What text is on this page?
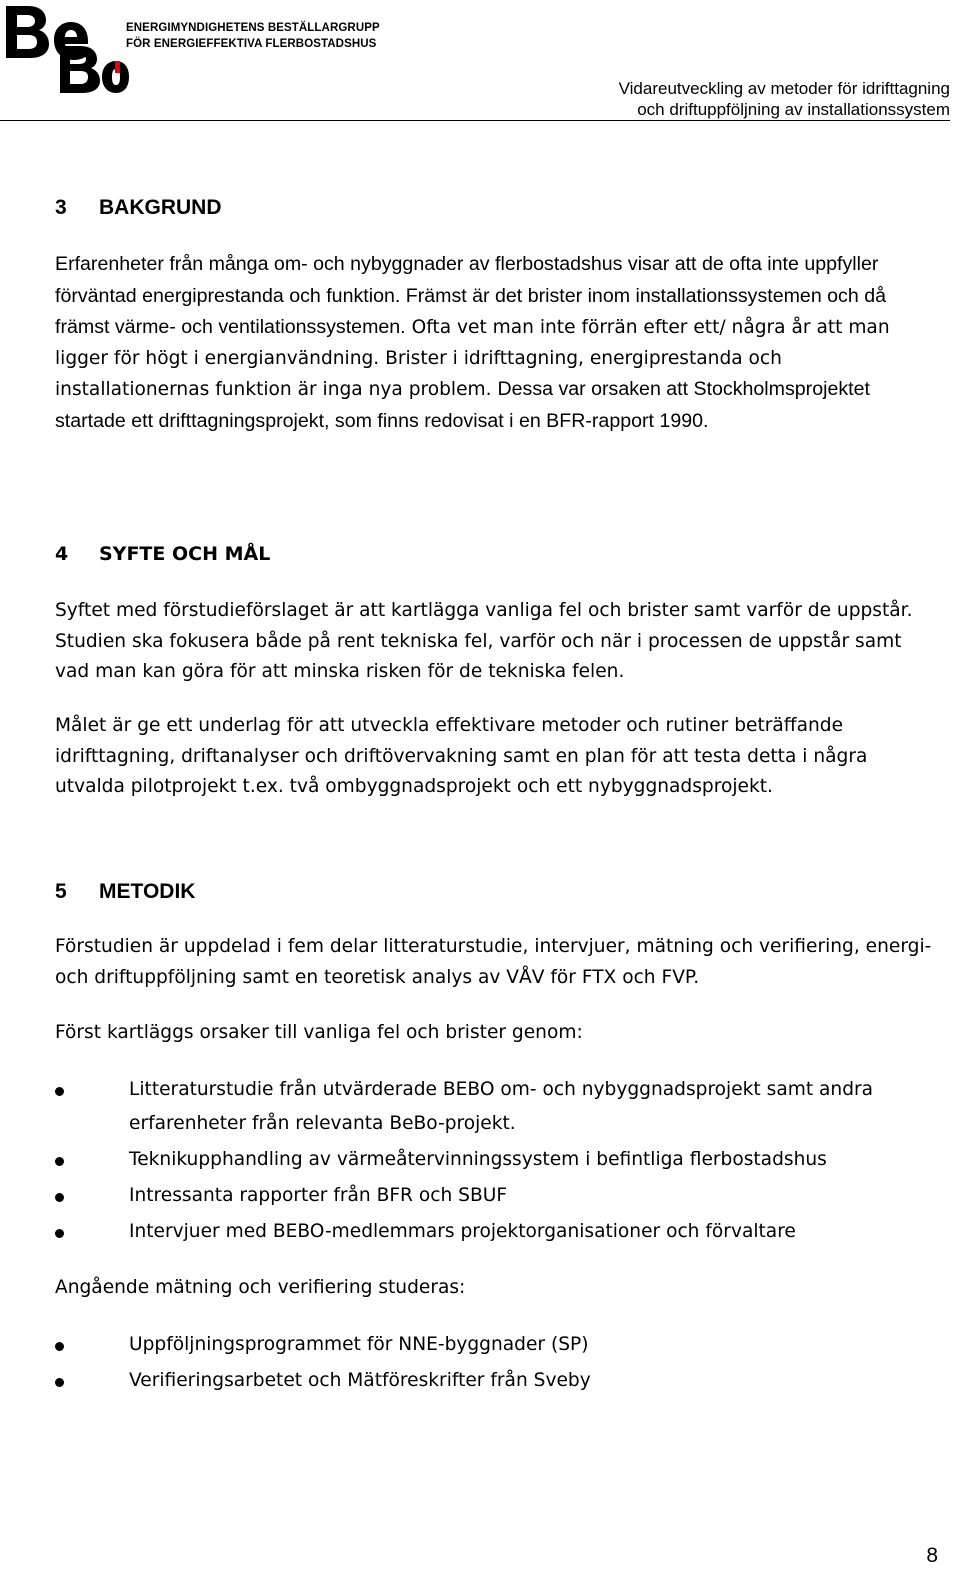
ENERGIMYNDIGHETENS BESTÄLLARGRUPP
FÖR ENERGIEFFEKTIVA FLERBOSTADSHUS
Vidareutveckling av metoder för idrifttagning
och driftuppföljning av installationssystem
3 BAKGRUND
Erfarenheter från många om- och nybyggnader av flerbostadshus visar att de ofta inte uppfyller förväntad energiprestanda och funktion. Främst är det brister inom installationssystemen och då främst värme- och ventilationssystemen. Ofta vet man inte förrän efter ett/ några år att man ligger för högt i energianvändning. Brister i idrifttagning, energiprestanda och installationernas funktion är inga nya problem. Dessa var orsaken att Stockholmsprojektet startade ett drifttagningsprojekt, som finns redovisat i en BFR-rapport 1990.
4 SYFTE OCH MÅL
Syftet med förstudieförslaget är att kartlägga vanliga fel och brister samt varför de uppstår. Studien ska fokusera både på rent tekniska fel, varför och när i processen de uppstår samt vad man kan göra för att minska risken för de tekniska felen.
Målet är ge ett underlag för att utveckla effektivare metoder och rutiner beträffande idrifttagning, driftanalyser och driftövervakning samt en plan för att testa detta i några utvalda pilotprojekt t.ex. två ombyggnadsprojekt och ett nybyggnadsprojekt.
5 METODIK
Förstudien är uppdelad i fem delar litteraturstudie, intervjuer, mätning och verifiering, energi- och driftuppföljning samt en teoretisk analys av VÅV för FTX och FVP.
Först kartläggs orsaker till vanliga fel och brister genom:
Litteraturstudie från utvärderade BEBO om- och nybyggnadsprojekt samt andra erfarenheter från relevanta BeBo-projekt.
Teknikupphandling av värmeåtervinningssystem i befintliga flerbostadshus
Intressanta rapporter från BFR och SBUF
Intervjuer med BEBO-medlemmars projektorganisationer och förvaltare
Angående mätning och verifiering studeras:
Uppföljningsprogrammet för NNE-byggnader (SP)
Verifieringsarbetet och Mätföreskrifter från Sveby
8
